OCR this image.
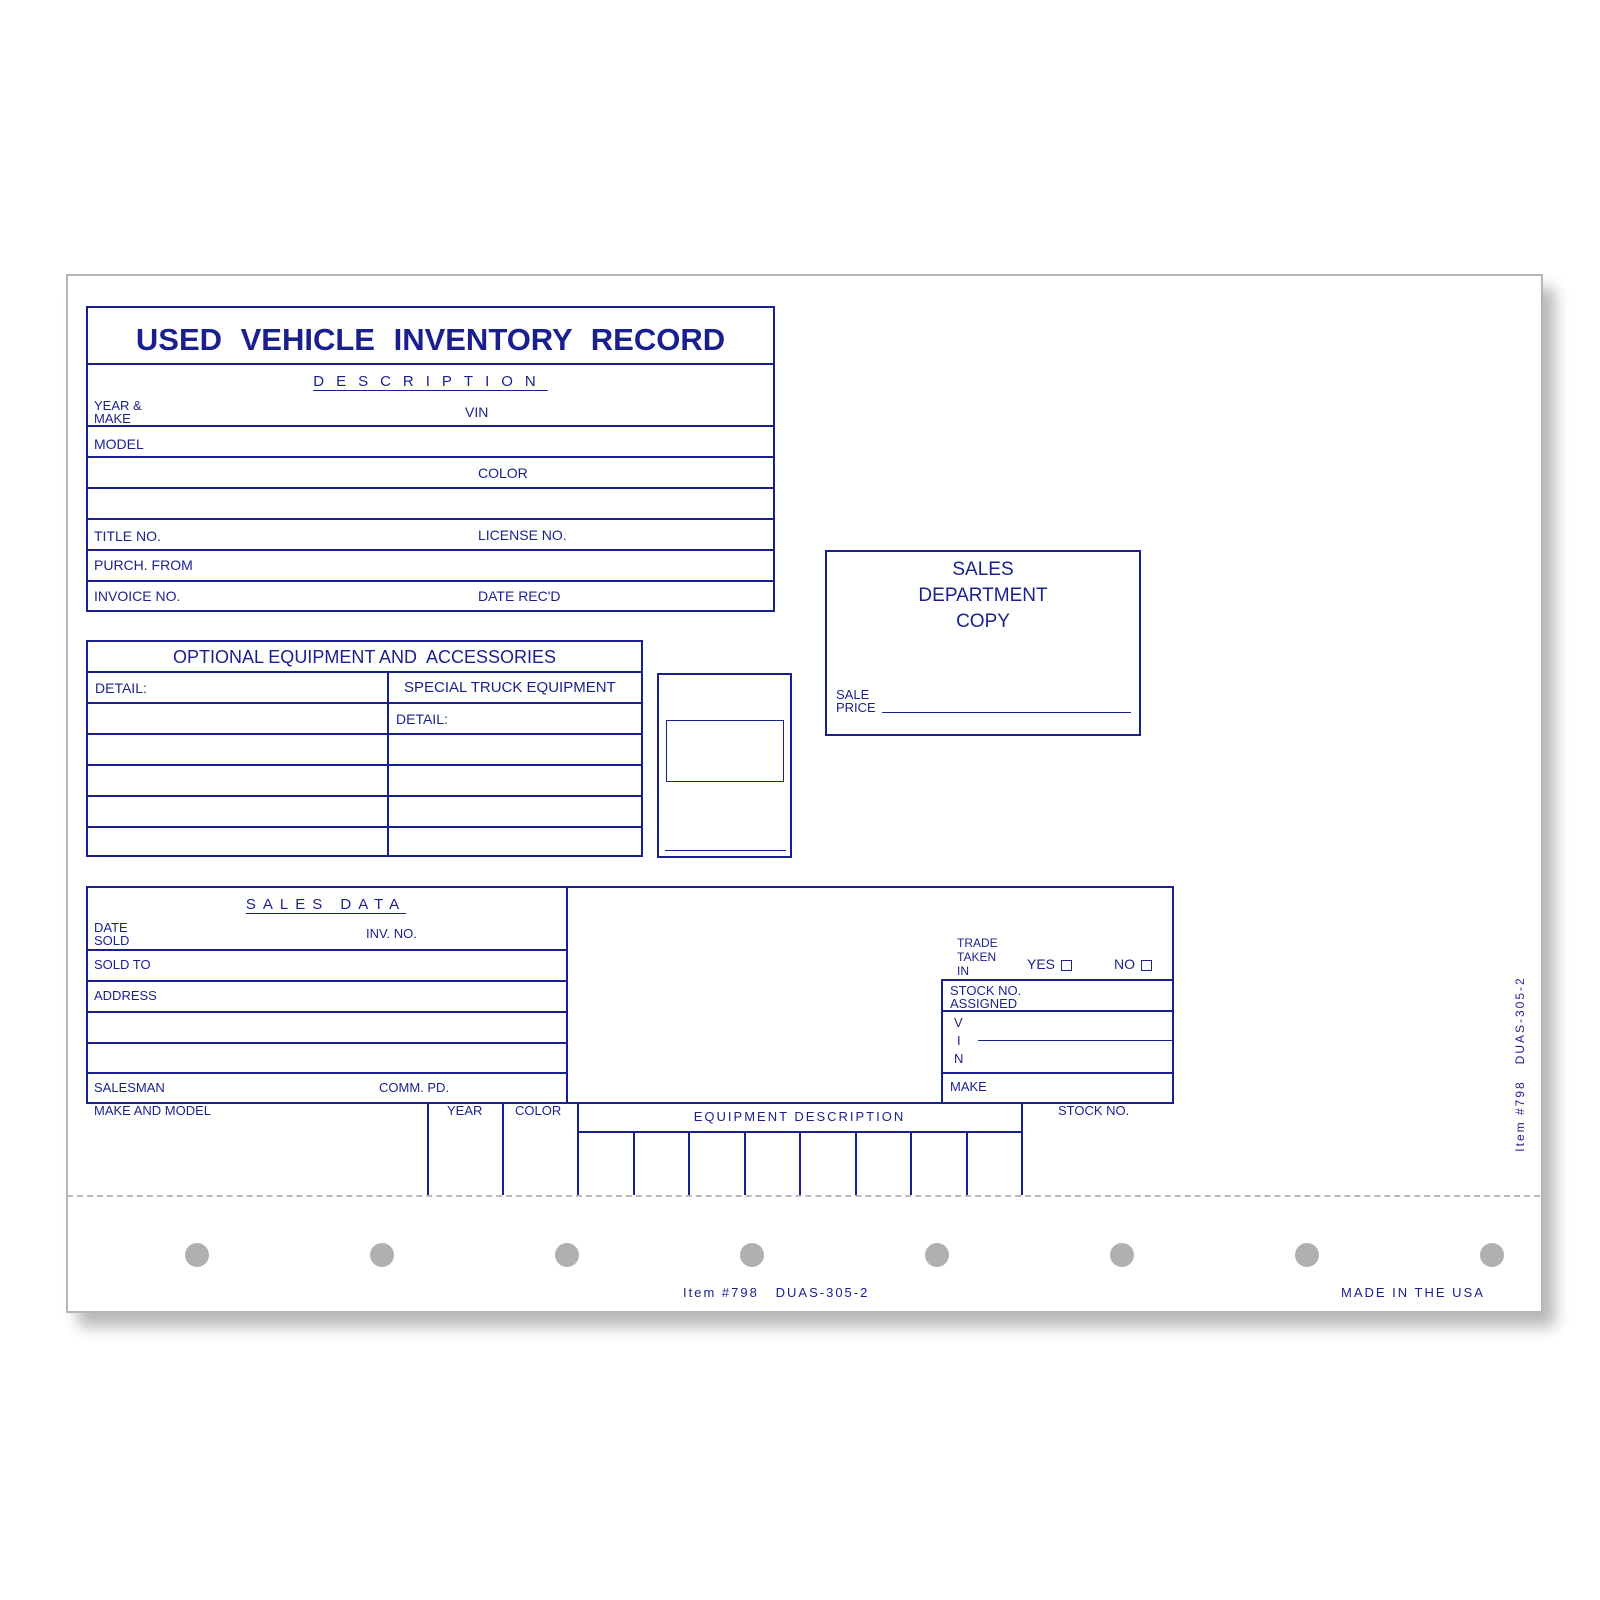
USED VEHICLE INVENTORY RECORD
DESCRIPTION
YEAR &
MAKE	VIN
MODEL
COLOR
TITLE NO.	LICENSE NO.
PURCH. FROM
INVOICE NO.	DATE REC'D
OPTIONAL EQUIPMENT AND  ACCESSORIES
DETAIL:	SPECIAL TRUCK EQUIPMENT
DETAIL:
SALES
DEPARTMENT
COPY
SALE
PRICE
SALES DATA
DATE
SOLD	INV. NO.
SOLD TO
ADDRESS
SALESMAN	COMM. PD.
TRADE
TAKEN
IN	YES	NO
STOCK NO.
ASSIGNED
V
I
N
MAKE
MAKE AND MODEL	YEAR	COLOR	EQUIPMENT DESCRIPTION	STOCK NO.	Item #798   DUAS-305-2
Item #798   DUAS-305-2	MADE IN THE USA
